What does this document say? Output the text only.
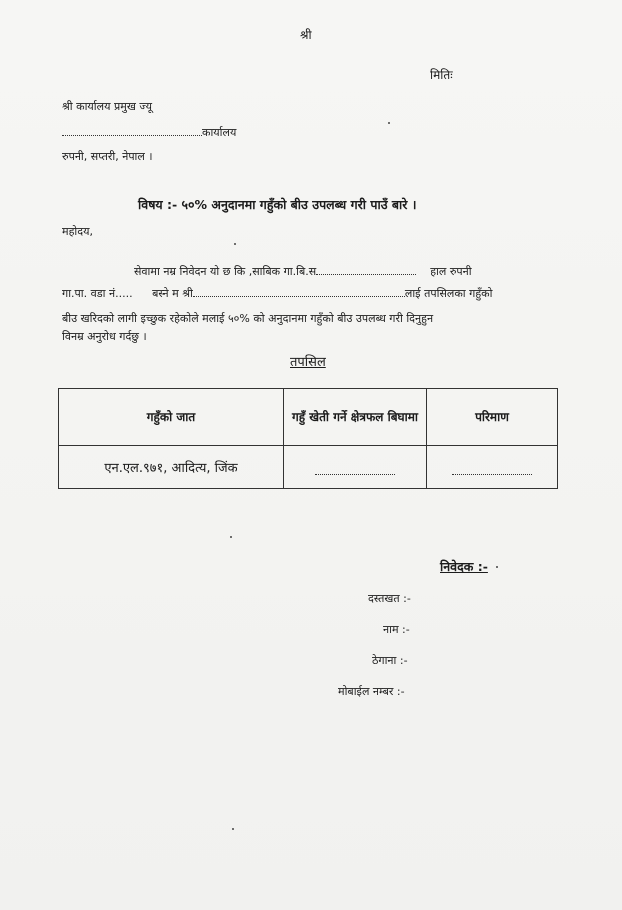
श्री
मितिः
श्री कार्यालय प्रमुख ज्यू
कार्यालय
रुपनी, सप्तरी, नेपाल ।
विषय :- ५०% अनुदानमा गहुँको बीउ उपलब्ध गरी पाउँ बारे ।
महोदय,
सेवामा नम्र निवेदन यो छ कि ,साबिक गा.बि.स	हाल रुपनी
गा.पा. वडा नं..... बस्ने म श्री	लाई तपसिलका गहुँको
बीउ खरिदको लागी इच्छुक रहेकोले मलाई ५०% को अनुदानमा गहुँको बीउ उपलब्ध गरी दिनुहुन
विनम्र अनुरोध गर्दछु ।
तपसिल
गहुँको जात	गहुँ खेती गर्ने क्षेत्रफल बिघामा	परिमाण
एन.एल.९७१, आदित्य, जिंक		
निवेदक :-
दस्तखत :-
नाम :-
ठेगाना :-
मोबाईल नम्बर :-
